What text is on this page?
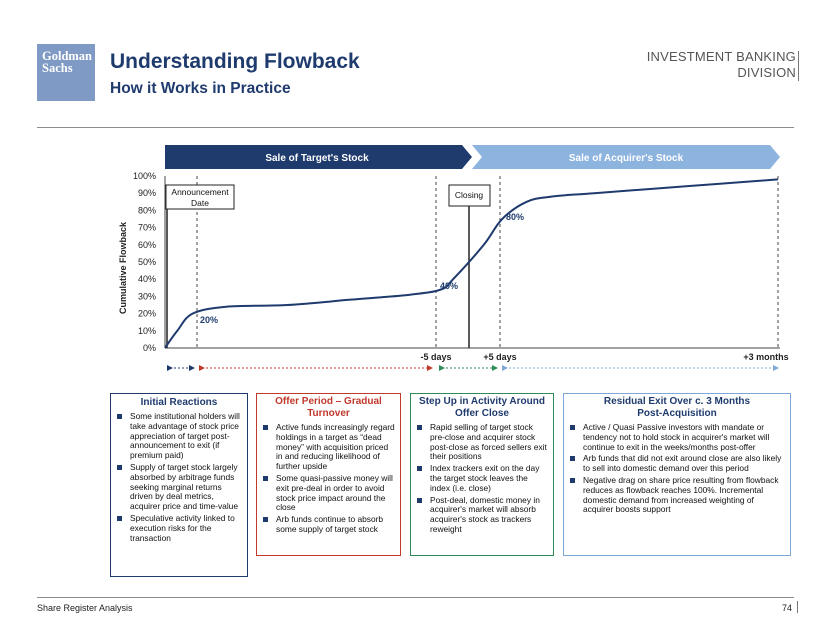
Goldman
Sachs	Understanding Flowback
How it Works in Practice
INVESTMENT BANKING
DIVISION
Sale of Target's Stock	Sale of Acquirer's Stock
Cumulative Flowback
0%
10%
20%
30%
40%
50%
60%
70%
80%
90%
100%
Announcement
Date
Closing
20%
40%
80%
-5 days	+5 days	+3 months
Initial Reactions
Some institutional holders will take advantage of stock price appreciation of target post-announcement to exit (if premium paid)
Supply of target stock largely absorbed by arbitrage funds seeking marginal returns driven by deal metrics, acquirer price and time-value
Speculative activity linked to execution risks for the transaction
Offer Period – Gradual Turnover
Active funds increasingly regard holdings in a target as “dead money” with acquisition priced in and reducing likelihood of further upside
Some quasi-passive money will exit pre-deal in order to avoid stock price impact around the close
Arb funds continue to absorb some supply of target stock
Step Up in Activity Around Offer Close
Rapid selling of target stock pre-close and acquirer stock post-close as forced sellers exit their positions
Index trackers exit on the day the target stock leaves the index (i.e. close)
Post-deal, domestic money in acquirer's market will absorb acquirer's stock as trackers reweight
Residual Exit Over c. 3 Months Post-Acquisition
Active / Quasi Passive investors with mandate or tendency not to hold stock in acquirer's market will continue to exit in the weeks/months post-offer
Arb funds that did not exit around close are also likely to sell into domestic demand over this period
Negative drag on share price resulting from flowback reduces as flowback reaches 100%. Incremental domestic demand from increased weighting of acquirer boosts support
Share Register Analysis	74
